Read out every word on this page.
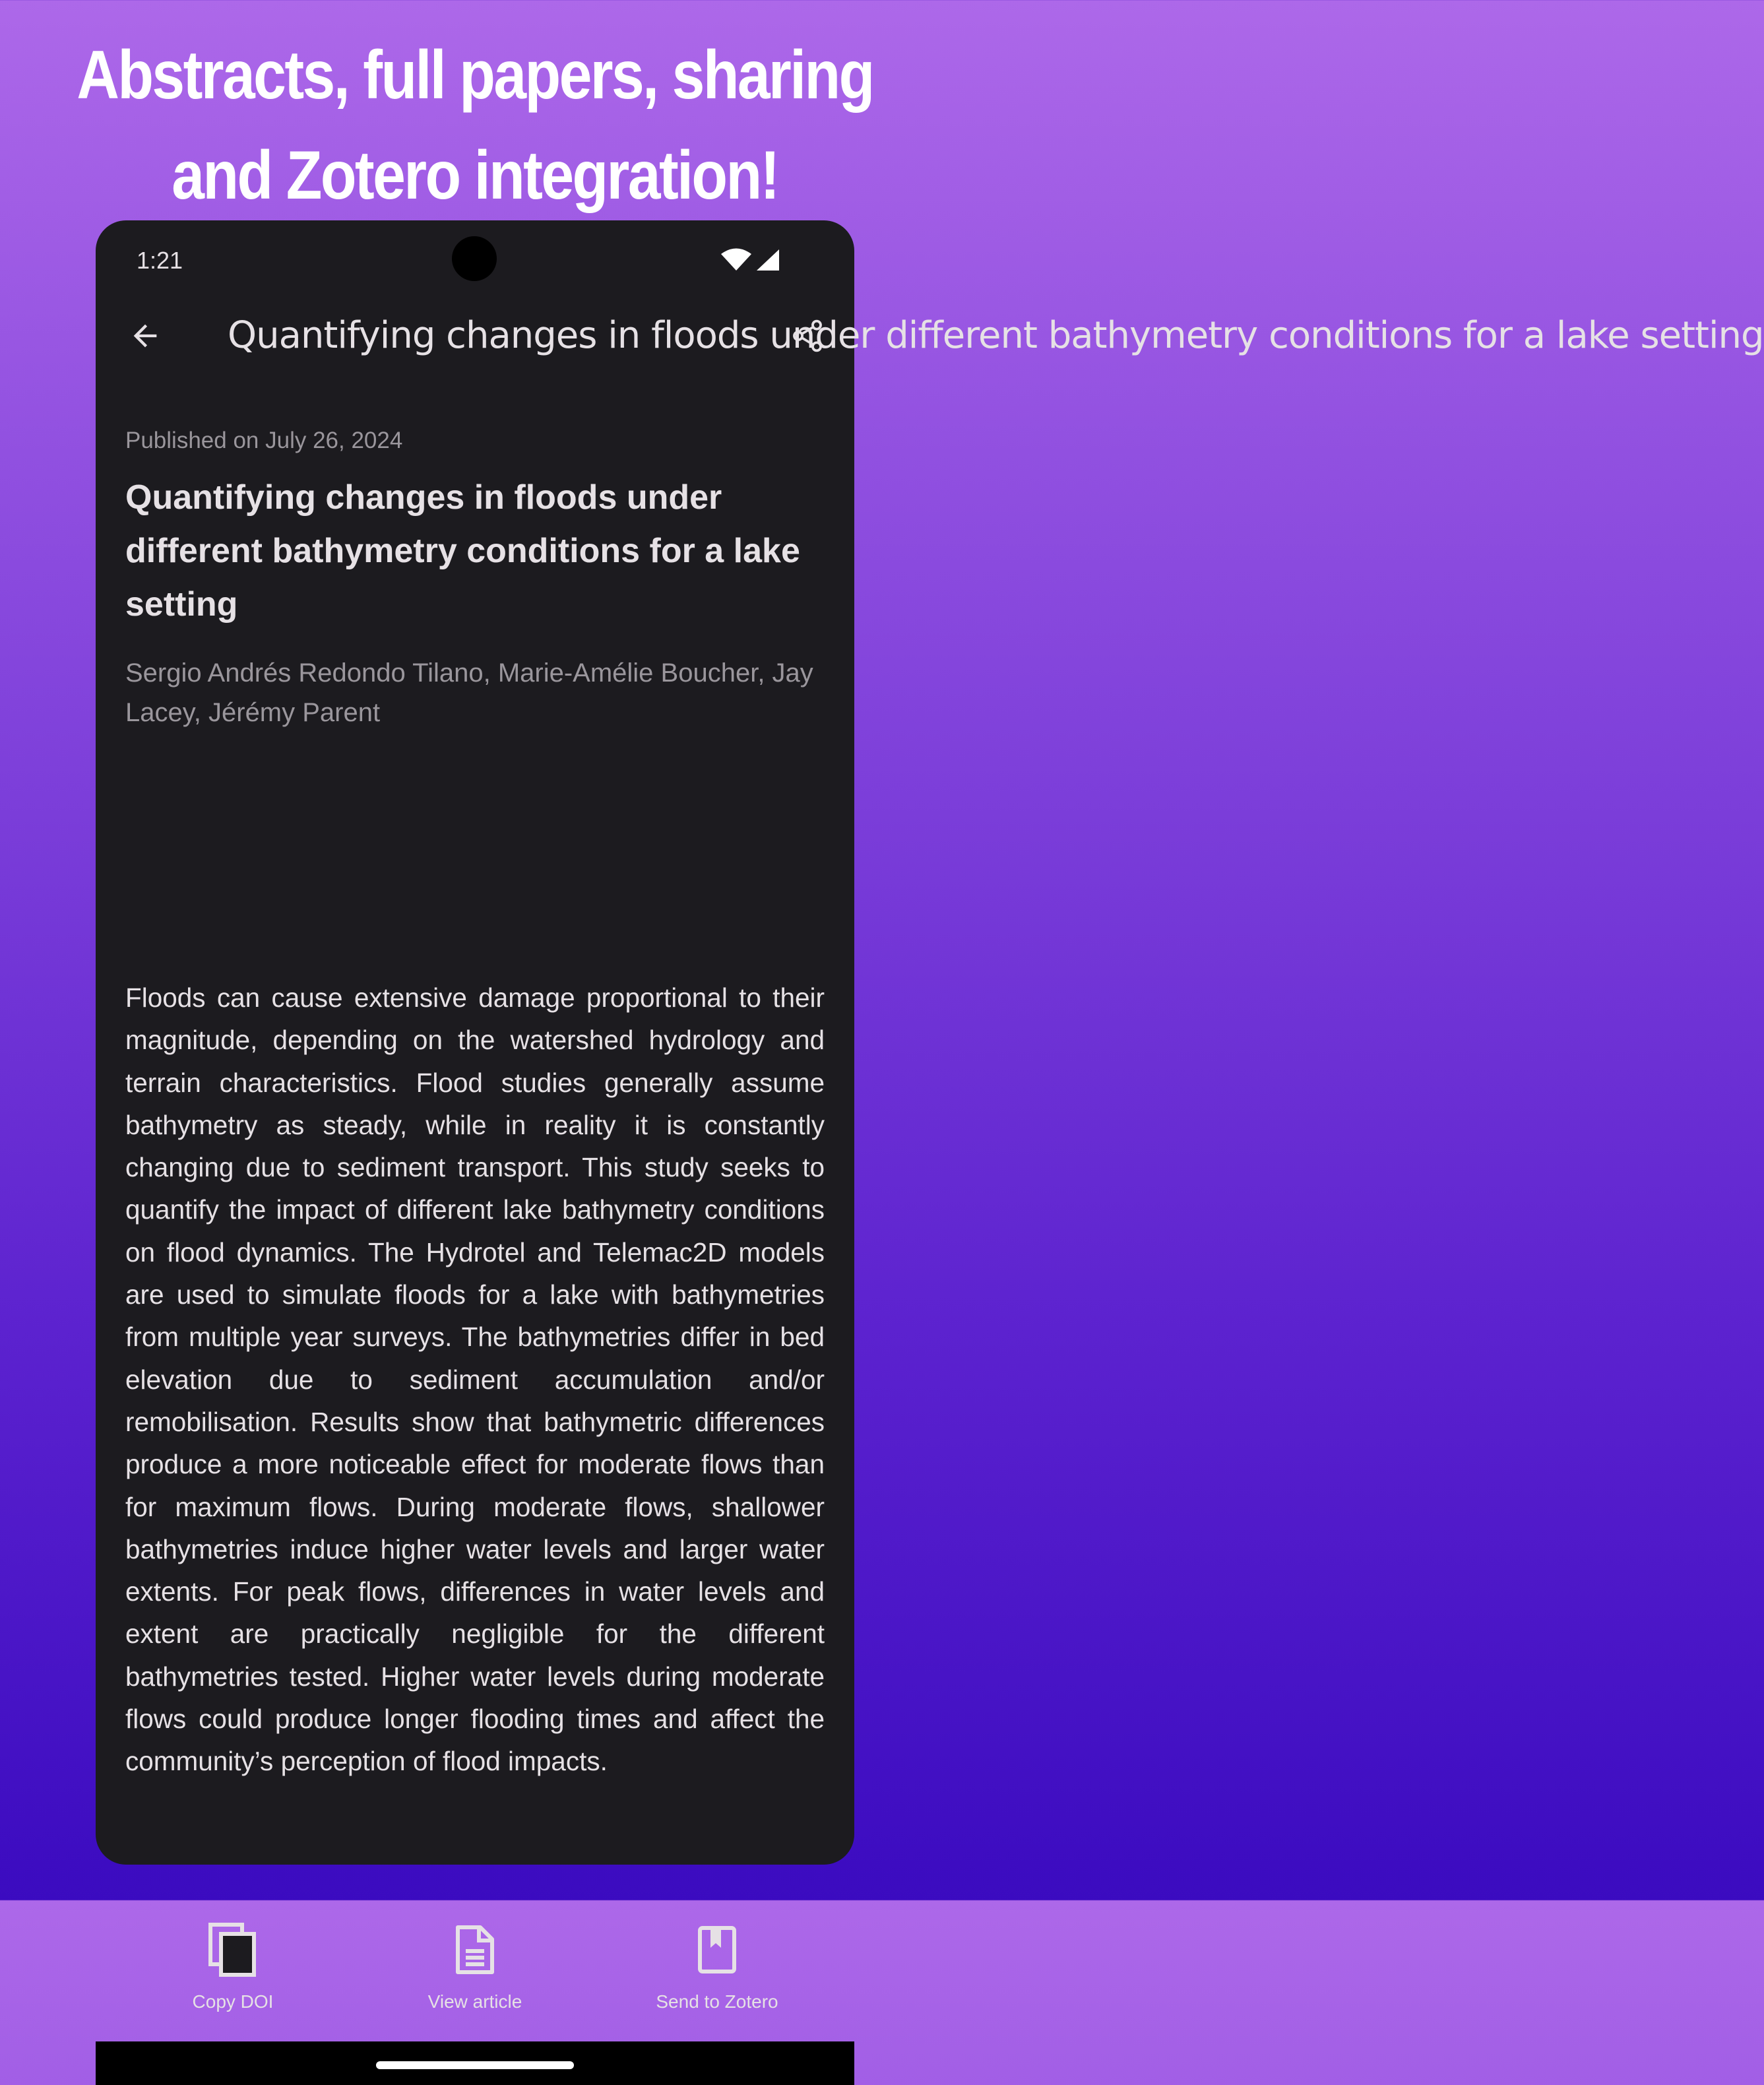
Abstracts, full papers, sharing
and Zotero integration!
1:21
Quantifying changes in floods under different bathymetry conditions for a lake setting
Published on July 26, 2024
Quantifying changes in floods under different bathymetry conditions for a lake setting
Sergio Andrés Redondo Tilano, Marie-Amélie Boucher, Jay Lacey, Jérémy Parent

Floods can cause extensive damage proportional to their magnitude, depending on the watershed hydrology and terrain characteristics. Flood studies generally assume bathymetry as steady, while in reality it is constantly changing due to sediment transport. This study seeks to quantify the impact of different lake bathymetry conditions on flood dynamics. The Hydrotel and Telemac2D models are used to simulate floods for a lake with bathymetries from multiple year surveys. The bathymetries differ in bed elevation due to sediment accumulation and/or remobilisation. Results show that bathymetric differences produce a more noticeable effect for moderate flows than for maximum flows. During moderate flows, shallower bathymetries induce higher water levels and larger water extents. For peak flows, differences in water levels and extent are practically negligible for the different bathymetries tested. Higher water levels during moderate flows could produce longer flooding times and affect the community’s perception of flood impacts.

Copy DOI	View article	Send to Zotero
